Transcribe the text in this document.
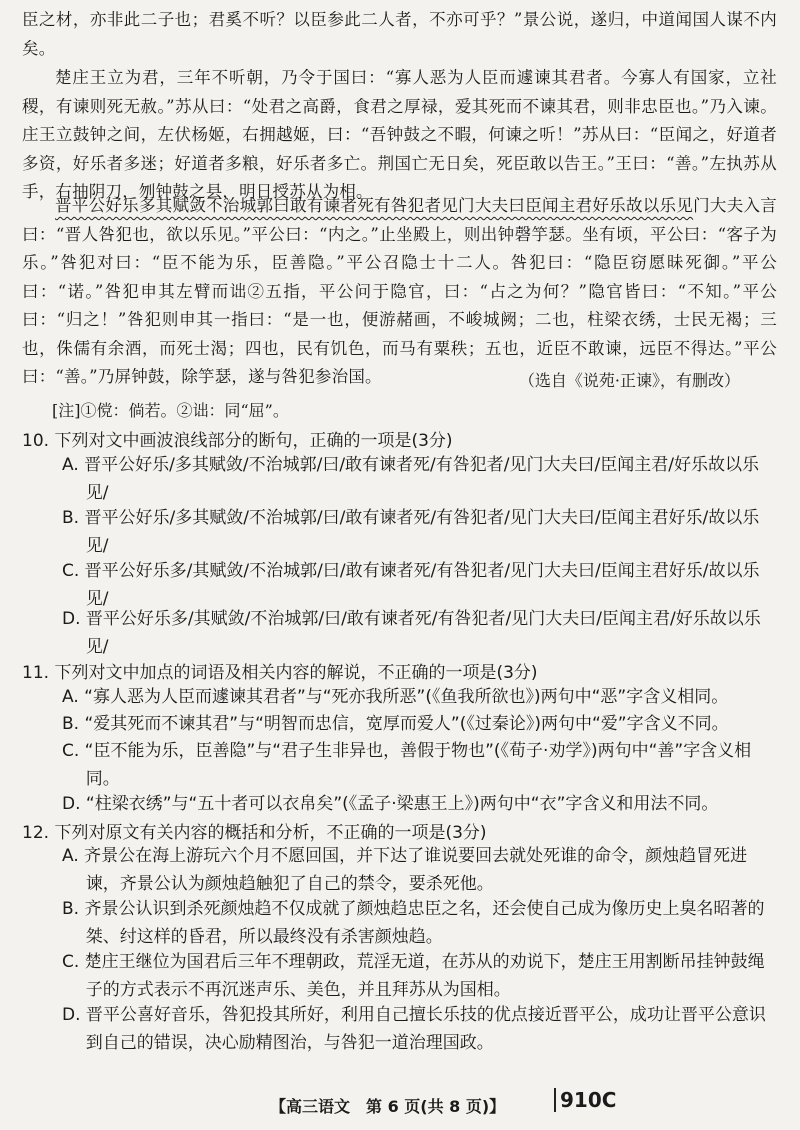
臣之材，亦非此二子也；君奚不听？以臣参此二人者，不亦可乎？”景公说，遂归，中道闻国人谋不内矣。

楚庄王立为君，三年不听朝，乃令于国曰：“寡人恶为人臣而遽谏其君者。今寡人有国家，立社稷，有谏则死无赦。”苏从曰：“处君之高爵，食君之厚禄，爱其死而不谏其君，则非忠臣也。”乃入谏。庄王立鼓钟之间，左伏杨姬，右拥越姬，曰：“吾钟鼓之不暇，何谏之听！”苏从曰：“臣闻之，好道者多资，好乐者多迷；好道者多粮，好乐者多亡。荆国亡无日矣，死臣敢以告王。”王曰：“善。”左执苏从手，右抽阴刀，刎钟鼓之县，明日授苏从为相。

晋平公好乐多其赋敛不治城郭曰敢有谏者死有咎犯者见门大夫曰臣闻主君好乐故以乐见门大夫入言曰：“晋人咎犯也，欲以乐见。”平公曰：“内之。”止坐殿上，则出钟磬竽瑟。坐有顷，平公曰：“客子为乐。”咎犯对曰：“臣不能为乐，臣善隐。”平公召隐士十二人。咎犯曰：“隐臣窃愿昧死御。”平公曰：“诺。”咎犯申其左臂而诎②五指，平公问于隐官，曰：“占之为何？”隐官皆曰：“不知。”平公曰：“归之！”咎犯则申其一指曰：“是一也，便游赭画，不峻城阙；二也，柱梁衣绣，士民无褐；三也，侏儒有余酒，而死士渴；四也，民有饥色，而马有粟秩；五也，近臣不敢谏，远臣不得达。”平公曰：“善。”乃屏钟鼓，除竽瑟，遂与咎犯参治国。	（选自《说苑·正谏》，有删改）
[注]①傥：倘若。②诎：同“屈”。

10. 下列对文中画波浪线部分的断句，正确的一项是(3分)

A. 晋平公好乐/多其赋敛/不治城郭/曰/敢有谏者死/有咎犯者/见门大夫曰/臣闻主君/好乐故以乐见/

B. 晋平公好乐/多其赋敛/不治城郭/曰/敢有谏者死/有咎犯者/见门大夫曰/臣闻主君好乐/故以乐见/

C. 晋平公好乐多/其赋敛/不治城郭/曰/敢有谏者死/有咎犯者/见门大夫曰/臣闻主君好乐/故以乐见/

D. 晋平公好乐多/其赋敛/不治城郭/曰/敢有谏者死/有咎犯者/见门大夫曰/臣闻主君/好乐故以乐见/

11. 下列对文中加点的词语及相关内容的解说，不正确的一项是(3分)

A. “寡人恶为人臣而遽谏其君者”与“死亦我所恶”(《鱼我所欲也》)两句中“恶”字含义相同。

B. “爱其死而不谏其君”与“明智而忠信，宽厚而爱人”(《过秦论》)两句中“爱”字含义不同。

C. “臣不能为乐，臣善隐”与“君子生非异也，善假于物也”(《荀子·劝学》)两句中“善”字含义相同。

D. “柱梁衣绣”与“五十者可以衣帛矣”(《孟子·梁惠王上》)两句中“衣”字含义和用法不同。

12. 下列对原文有关内容的概括和分析，不正确的一项是(3分)

A. 齐景公在海上游玩六个月不愿回国，并下达了谁说要回去就处死谁的命令，颜烛趋冒死进谏，齐景公认为颜烛趋触犯了自己的禁令，要杀死他。

B. 齐景公认识到杀死颜烛趋不仅成就了颜烛趋忠臣之名，还会使自己成为像历史上臭名昭著的桀、纣这样的昏君，所以最终没有杀害颜烛趋。

C. 楚庄王继位为国君后三年不理朝政，荒淫无道，在苏从的劝说下，楚庄王用割断吊挂钟鼓绳子的方式表示不再沉迷声乐、美色，并且拜苏从为国相。

D. 晋平公喜好音乐，咎犯投其所好，利用自己擅长乐技的优点接近晋平公，成功让晋平公意识到自己的错误，决心励精图治，与咎犯一道治理国政。

【高三语文　第 6 页(共 8 页)】	910C
